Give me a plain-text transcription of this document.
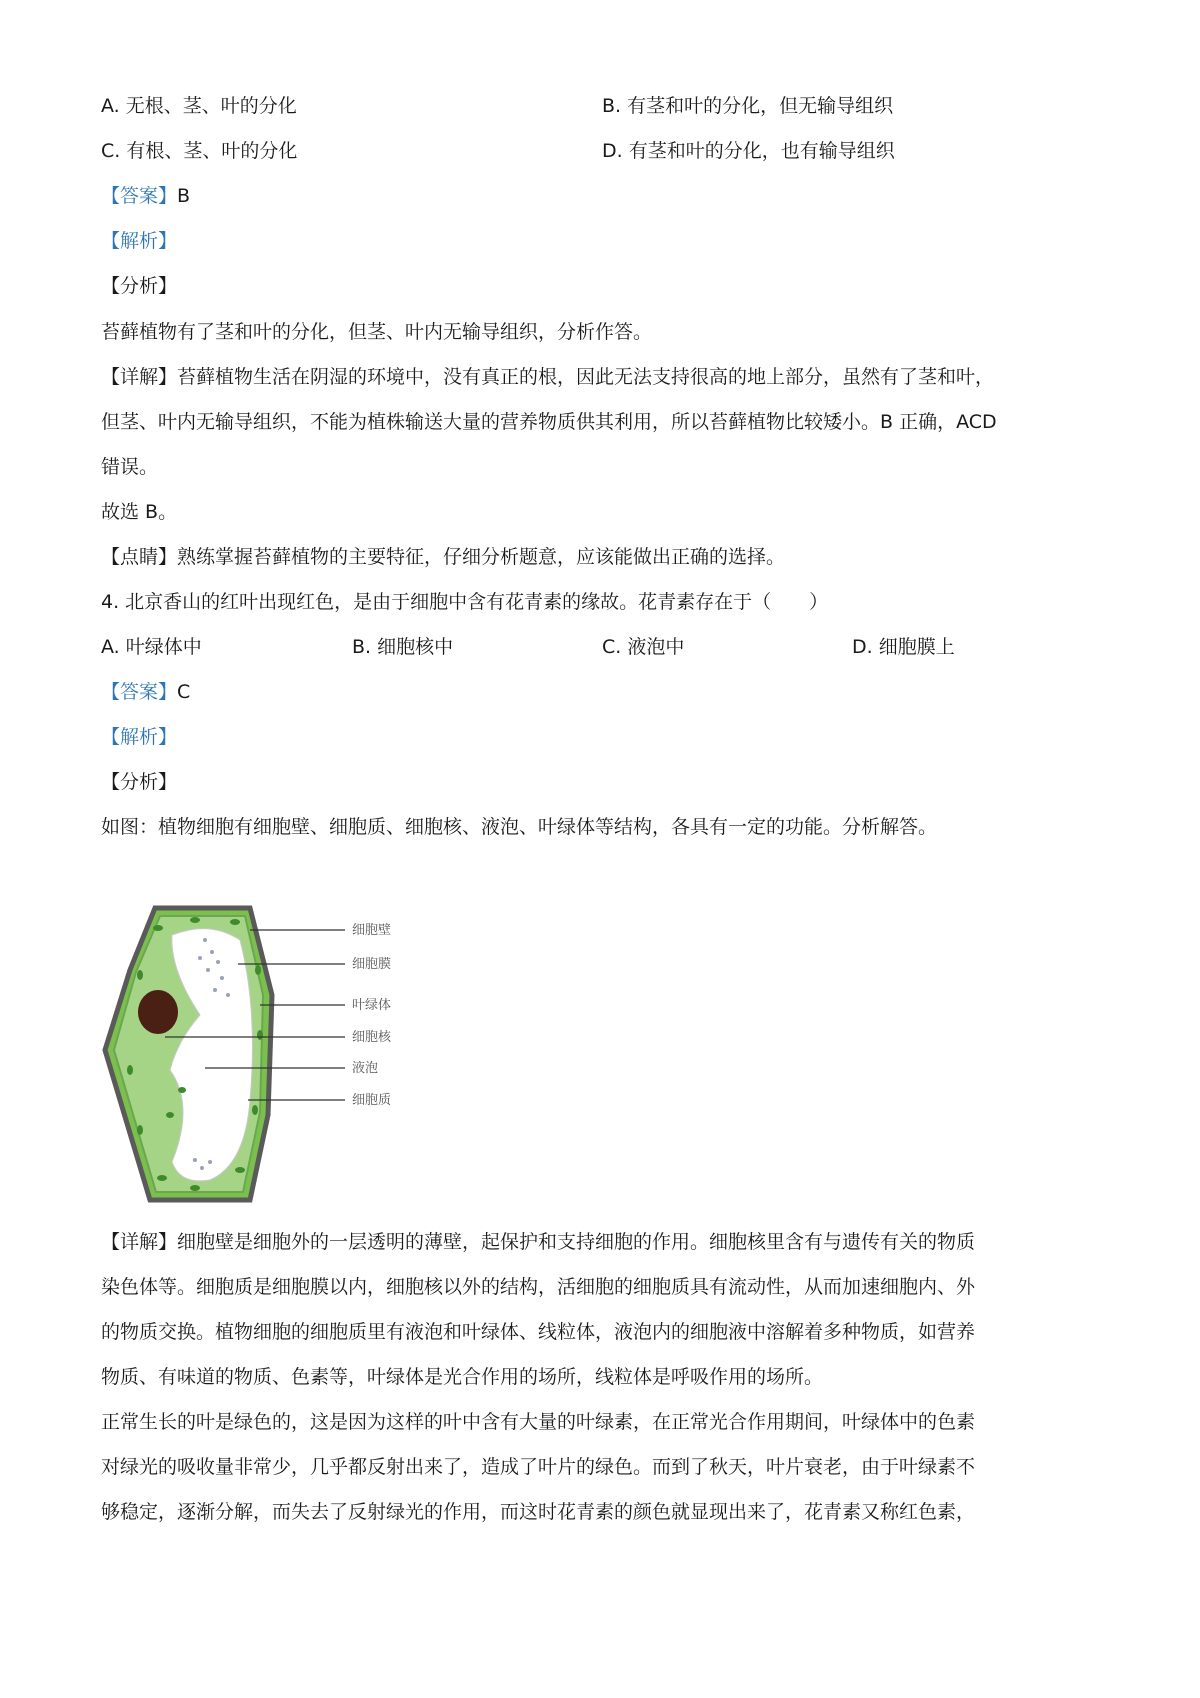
A. 无根、茎、叶的分化	B. 有茎和叶的分化，但无输导组织
C. 有根、茎、叶的分化	D. 有茎和叶的分化，也有输导组织
【答案】B
【解析】
【分析】
苔藓植物有了茎和叶的分化，但茎、叶内无输导组织，分析作答。
【详解】苔藓植物生活在阴湿的环境中，没有真正的根，因此无法支持很高的地上部分，虽然有了茎和叶，
但茎、叶内无输导组织，不能为植株输送大量的营养物质供其利用，所以苔藓植物比较矮小。B 正确，ACD
错误。
故选 B。
【点睛】熟练掌握苔藓植物的主要特征，仔细分析题意，应该能做出正确的选择。
4. 北京香山的红叶出现红色，是由于细胞中含有花青素的缘故。花青素存在于（　　）
A. 叶绿体中	B. 细胞核中	C. 液泡中	D. 细胞膜上
【答案】C
【解析】
【分析】
如图：植物细胞有细胞壁、细胞质、细胞核、液泡、叶绿体等结构，各具有一定的功能。分析解答。
细胞壁
细胞膜
叶绿体
细胞核
液泡
细胞质
【详解】细胞壁是细胞外的一层透明的薄壁，起保护和支持细胞的作用。细胞核里含有与遗传有关的物质
染色体等。细胞质是细胞膜以内，细胞核以外的结构，活细胞的细胞质具有流动性，从而加速细胞内、外
的物质交换。植物细胞的细胞质里有液泡和叶绿体、线粒体，液泡内的细胞液中溶解着多种物质，如营养
物质、有味道的物质、色素等，叶绿体是光合作用的场所，线粒体是呼吸作用的场所。
正常生长的叶是绿色的，这是因为这样的叶中含有大量的叶绿素，在正常光合作用期间，叶绿体中的色素
对绿光的吸收量非常少，几乎都反射出来了，造成了叶片的绿色。而到了秋天，叶片衰老，由于叶绿素不
够稳定，逐渐分解，而失去了反射绿光的作用，而这时花青素的颜色就显现出来了，花青素又称红色素，
